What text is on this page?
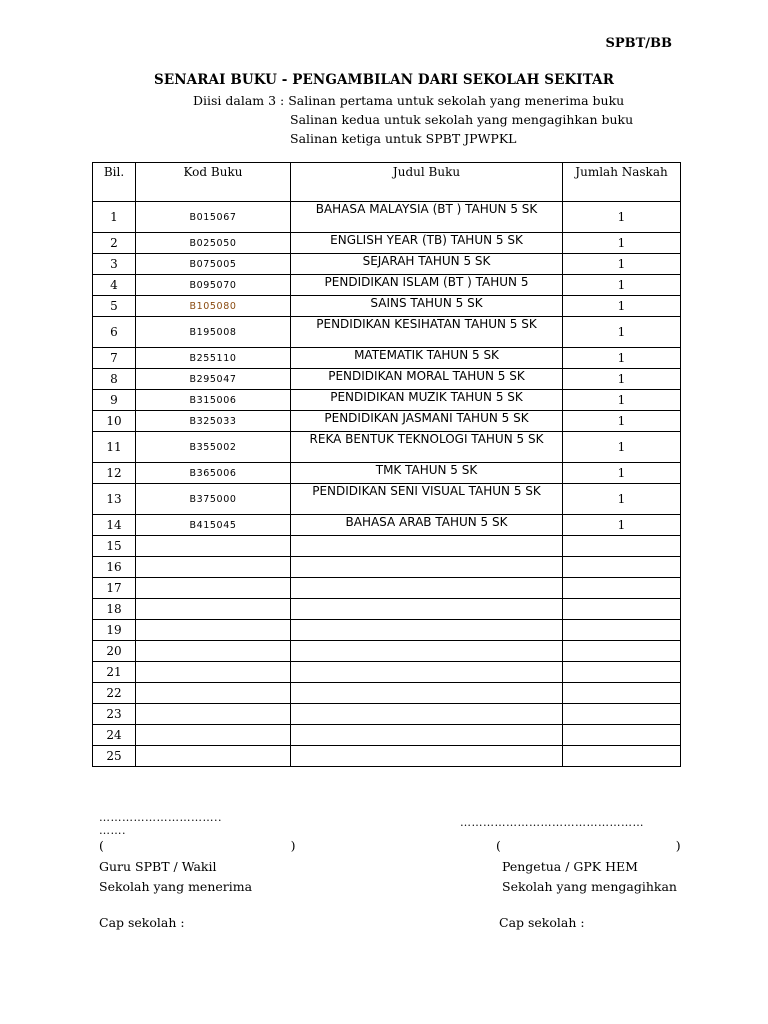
SPBT/BB
SENARAI BUKU - PENGAMBILAN DARI SEKOLAH SEKITAR
Diisi dalam 3 : Salinan pertama untuk sekolah yang menerima buku
Salinan kedua untuk sekolah yang mengagihkan buku
Salinan ketiga untuk SPBT JPWPKL
Bil.	Kod Buku	Judul Buku	Jumlah Naskah
1	B015067	BAHASA MALAYSIA (BT ) TAHUN 5 SK	1
2	B025050	ENGLISH YEAR (TB) TAHUN 5 SK	1
3	B075005	SEJARAH TAHUN 5 SK	1
4	B095070	PENDIDIKAN ISLAM (BT ) TAHUN 5	1
5	B105080	SAINS TAHUN 5 SK	1
6	B195008	PENDIDIKAN KESIHATAN TAHUN 5 SK	1
7	B255110	MATEMATIK TAHUN 5 SK	1
8	B295047	PENDIDIKAN MORAL TAHUN 5 SK	1
9	B315006	PENDIDIKAN MUZIK TAHUN 5 SK	1
10	B325033	PENDIDIKAN JASMANI TAHUN 5 SK	1
11	B355002	REKA BENTUK TEKNOLOGI TAHUN 5 SK	1
12	B365006	TMK TAHUN 5 SK	1
13	B375000	PENDIDIKAN SENI VISUAL TAHUN 5 SK	1
14	B415045	BAHASA ARAB TAHUN 5 SK	1
15			
16			
17			
18			
19			
20			
21			
22			
23			
24			
25			
…………………………..
…….
(                                               )
Guru SPBT / Wakil
Sekolah yang menerima
Cap sekolah :
…………………………………………
(                                            )
Pengetua / GPK HEM
Sekolah yang mengagihkan
Cap sekolah :
